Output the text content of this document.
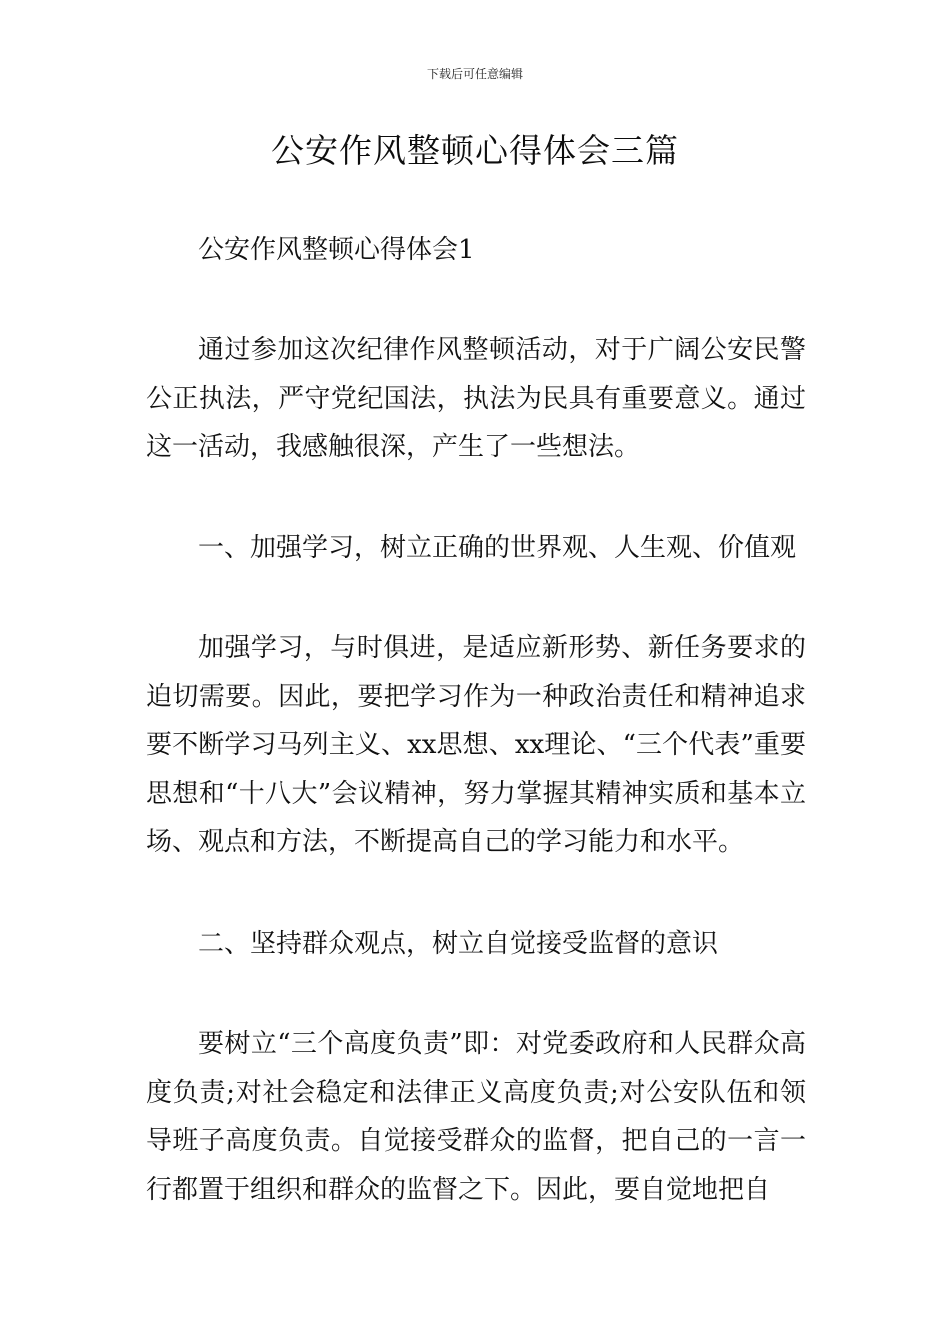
下载后可任意编辑
公安作风整顿心得体会三篇

公安作风整顿心得体会1

通过参加这次纪律作风整顿活动，对于广阔公安民警公正执法，严守党纪国法，执法为民具有重要意义。通过这一活动，我感触很深，产生了一些想法。

一、加强学习，树立正确的世界观、人生观、价值观

加强学习，与时俱进，是适应新形势、新任务要求的迫切需要。因此，要把学习作为一种政治责任和精神追求要不断学习马列主义、xx思想、xx理论、“三个代表”重要思想和“十八大”会议精神，努力掌握其精神实质和基本立场、观点和方法，不断提高自己的学习能力和水平。

二、坚持群众观点，树立自觉接受监督的意识

要树立“三个高度负责”即：对党委政府和人民群众高度负责;对社会稳定和法律正义高度负责;对公安队伍和领导班子高度负责。自觉接受群众的监督，把自己的一言一行都置于组织和群众的监督之下。因此，要自觉地把自
